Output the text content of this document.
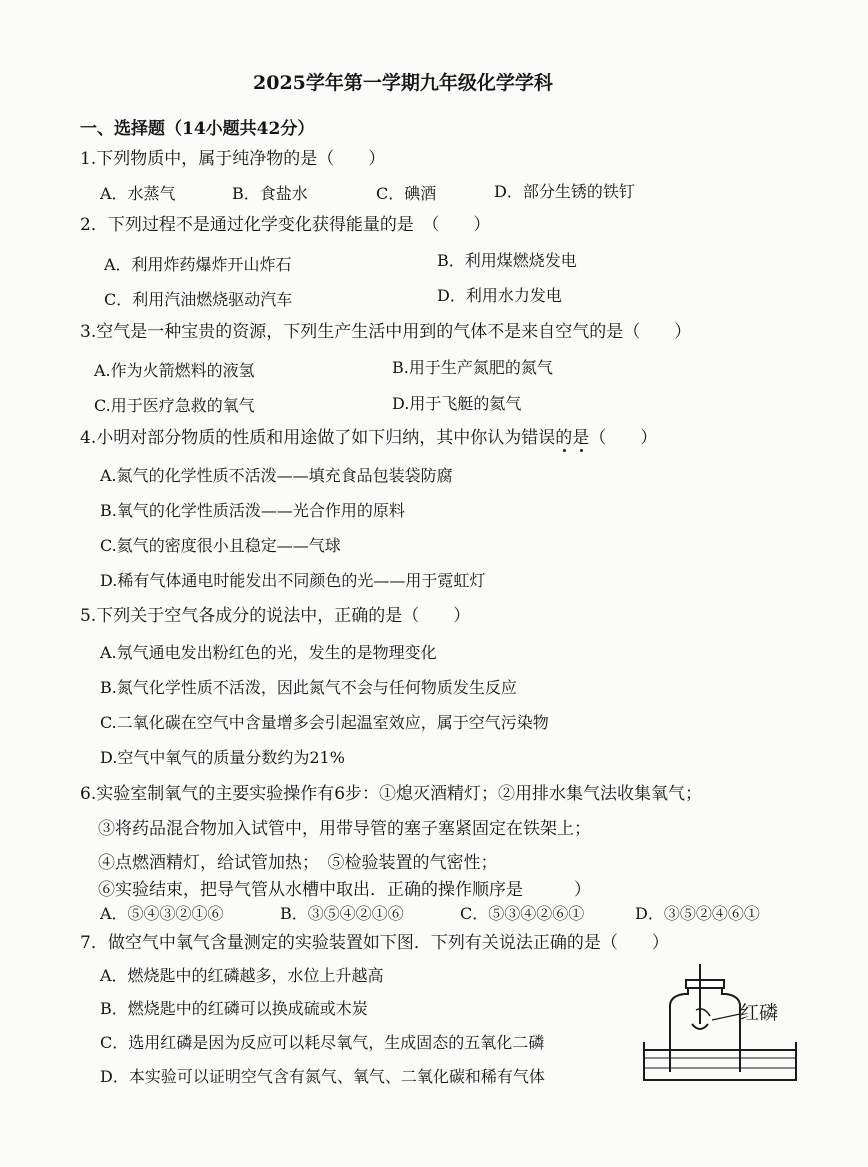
2025学年第一学期九年级化学学科
一、选择题（14小题共42分）
1.下列物质中，属于纯净物的是（　　）
A．水蒸气	B．食盐水	C．碘酒	D．部分生锈的铁钉
2．下列过程不是通过化学变化获得能量的是　（　　）
A．利用炸药爆炸开山炸石	B．利用煤燃烧发电
C．利用汽油燃烧驱动汽车	D．利用水力发电
3.空气是一种宝贵的资源，下列生产生活中用到的气体不是来自空气的是（　　）
A.作为火箭燃料的液氢	B.用于生产氮肥的氮气
C.用于医疗急救的氧气	D.用于飞艇的氦气
4.小明对部分物质的性质和用途做了如下归纳，其中你认为错误的是（　　）
A.氮气的化学性质不活泼——填充食品包装袋防腐
B.氧气的化学性质活泼——光合作用的原料
C.氦气的密度很小且稳定——气球
D.稀有气体通电时能发出不同颜色的光——用于霓虹灯
5.下列关于空气各成分的说法中，正确的是（　　）
A.氖气通电发出粉红色的光，发生的是物理变化
B.氮气化学性质不活泼，因此氮气不会与任何物质发生反应
C.二氧化碳在空气中含量增多会引起温室效应，属于空气污染物
D.空气中氧气的质量分数约为21%
6.实验室制氧气的主要实验操作有6步：①熄灭酒精灯；②用排水集气法收集氧气；
③将药品混合物加入试管中，用带导管的塞子塞紧固定在铁架上；
④点燃酒精灯，给试管加热；　⑤检验装置的气密性；
⑥实验结束，把导气管从水槽中取出．正确的操作顺序是　　　）
A．⑤④③②①⑥	B．③⑤④②①⑥	C．⑤③④②⑥①	D．③⑤②④⑥①
7．做空气中氧气含量测定的实验装置如下图．下列有关说法正确的是（　　）
A．燃烧匙中的红磷越多，水位上升越高
B．燃烧匙中的红磷可以换成硫或木炭
C．选用红磷是因为反应可以耗尽氧气，生成固态的五氧化二磷
D．本实验可以证明空气含有氮气、氧气、二氧化碳和稀有气体
红磷
